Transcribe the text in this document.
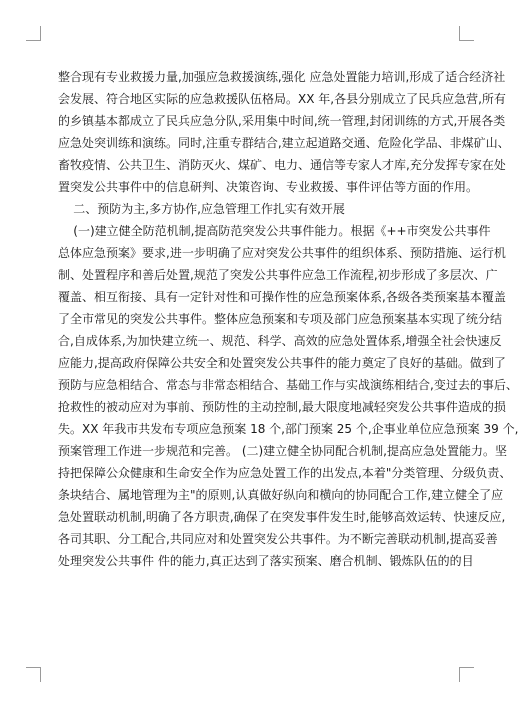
整合现有专业救援力量,加强应急救援演练,强化 应急处置能力培训,形成了适合经济社
会发展、符合地区实际的应急救援队伍格局。XX 年,各县分别成立了民兵应急营,所有
的乡镇基本都成立了民兵应急分队,采用集中时间,统一管理,封闭训练的方式,开展各类
应急处突训练和演练。同时,注重专群结合,建立起道路交通、危险化学品、非煤矿山、
畜牧疫情、公共卫生、消防灭火、煤矿、电力、通信等专家人才库,充分发挥专家在处
置突发公共事件中的信息研判、决策咨询、专业救援、事件评估等方面的作用。
二、预防为主,多方协作,应急管理工作扎实有效开展
(一)建立健全防范机制,提高防范突发公共事件能力。根据《++市突发公共事件
总体应急预案》要求,进一步明确了应对突发公共事件的组织体系、预防措施、运行机
制、处置程序和善后处置,规范了突发公共事件应急工作流程,初步形成了多层次、广
覆盖、相互衔接、具有一定针对性和可操作性的应急预案体系,各级各类预案基本覆盖
了全市常见的突发公共事件。整体应急预案和专项及部门应急预案基本实现了统分结
合,自成体系,为加快建立统一、规范、科学、高效的应急处置体系,增强全社会快速反
应能力,提高政府保障公共安全和处置突发公共事件的能力奠定了良好的基础。做到了
预防与应急相结合、常态与非常态相结合、基础工作与实战演练相结合,变过去的事后、
抢救性的被动应对为事前、预防性的主动控制,最大限度地减轻突发公共事件造成的损
失。XX 年我市共发布专项应急预案 18 个,部门预案 25 个,企事业单位应急预案 39 个,
预案管理工作进一步规范和完善。 (二)建立健全协同配合机制,提高应急处置能力。坚
持把保障公众健康和生命安全作为应急处置工作的出发点,本着"分类管理、分级负责、
条块结合、属地管理为主"的原则,认真做好纵向和横向的协同配合工作,建立健全了应
急处置联动机制,明确了各方职责,确保了在突发事件发生时,能够高效运转、快速反应,
各司其职、分工配合,共同应对和处置突发公共事件。为不断完善联动机制,提高妥善
处理突发公共事件 件的能力,真正达到了落实预案、磨合机制、锻炼队伍的的目
